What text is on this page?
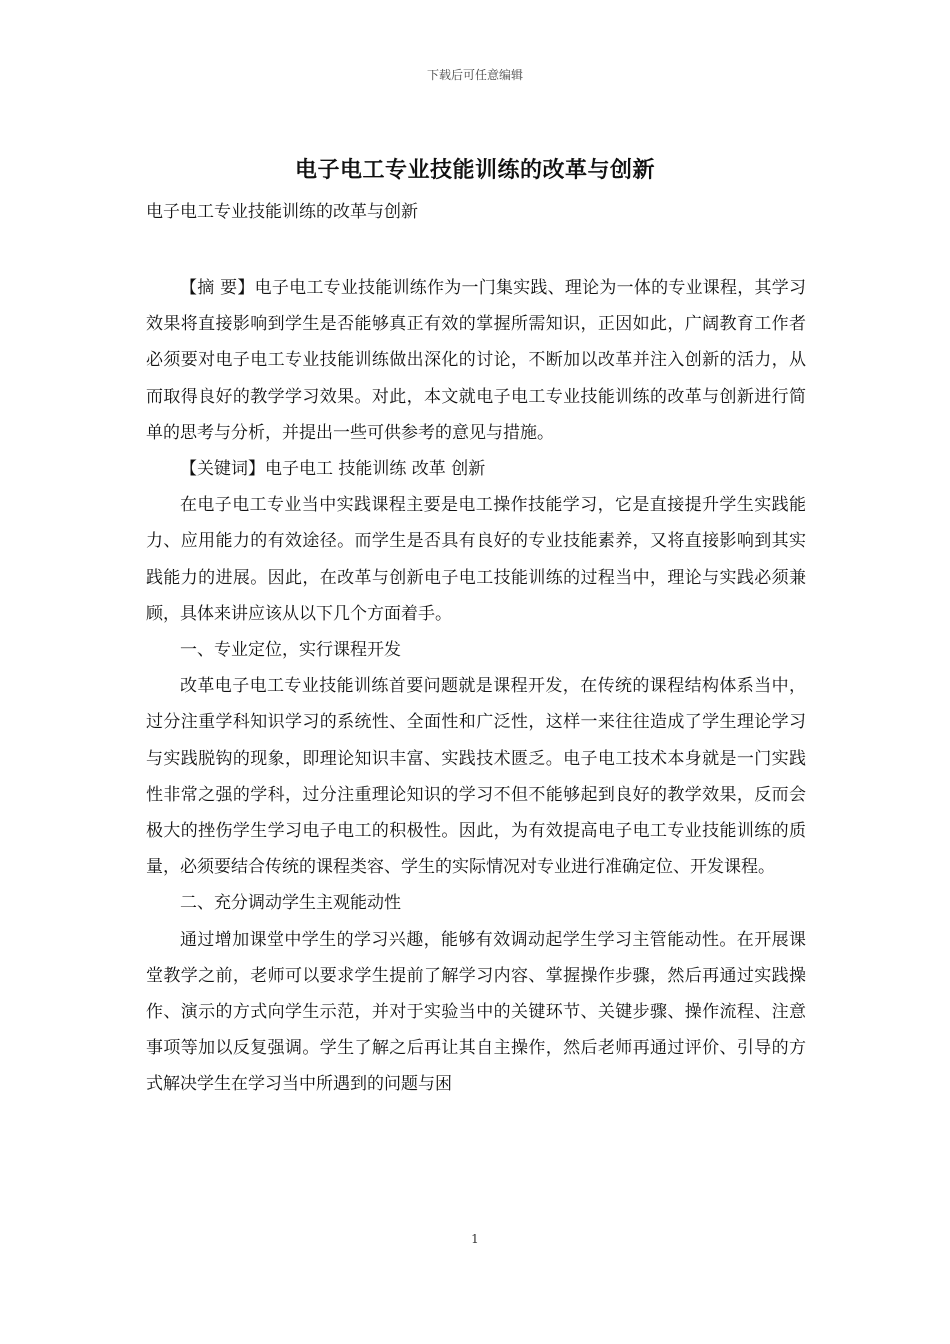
下载后可任意编辑
电子电工专业技能训练的改革与创新
电子电工专业技能训练的改革与创新

【摘 要】电子电工专业技能训练作为一门集实践、理论为一体的专业课程，其学习效果将直接影响到学生是否能够真正有效的掌握所需知识，正因如此，广阔教育工作者必须要对电子电工专业技能训练做出深化的讨论，不断加以改革并注入创新的活力，从而取得良好的教学学习效果。对此，本文就电子电工专业技能训练的改革与创新进行简单的思考与分析，并提出一些可供参考的意见与措施。

【关键词】电子电工 技能训练 改革 创新

在电子电工专业当中实践课程主要是电工操作技能学习，它是直接提升学生实践能力、应用能力的有效途径。而学生是否具有良好的专业技能素养，又将直接影响到其实践能力的进展。因此，在改革与创新电子电工技能训练的过程当中，理论与实践必须兼顾，具体来讲应该从以下几个方面着手。

一、专业定位，实行课程开发

改革电子电工专业技能训练首要问题就是课程开发，在传统的课程结构体系当中，过分注重学科知识学习的系统性、全面性和广泛性，这样一来往往造成了学生理论学习与实践脱钩的现象，即理论知识丰富、实践技术匮乏。电子电工技术本身就是一门实践性非常之强的学科，过分注重理论知识的学习不但不能够起到良好的教学效果，反而会极大的挫伤学生学习电子电工的积极性。因此，为有效提高电子电工专业技能训练的质量，必须要结合传统的课程类容、学生的实际情况对专业进行准确定位、开发课程。

二、充分调动学生主观能动性

通过增加课堂中学生的学习兴趣，能够有效调动起学生学习主管能动性。在开展课堂教学之前，老师可以要求学生提前了解学习内容、掌握操作步骤，然后再通过实践操作、演示的方式向学生示范，并对于实验当中的关键环节、关键步骤、操作流程、注意事项等加以反复强调。学生了解之后再让其自主操作，然后老师再通过评价、引导的方式解决学生在学习当中所遇到的问题与困

1
